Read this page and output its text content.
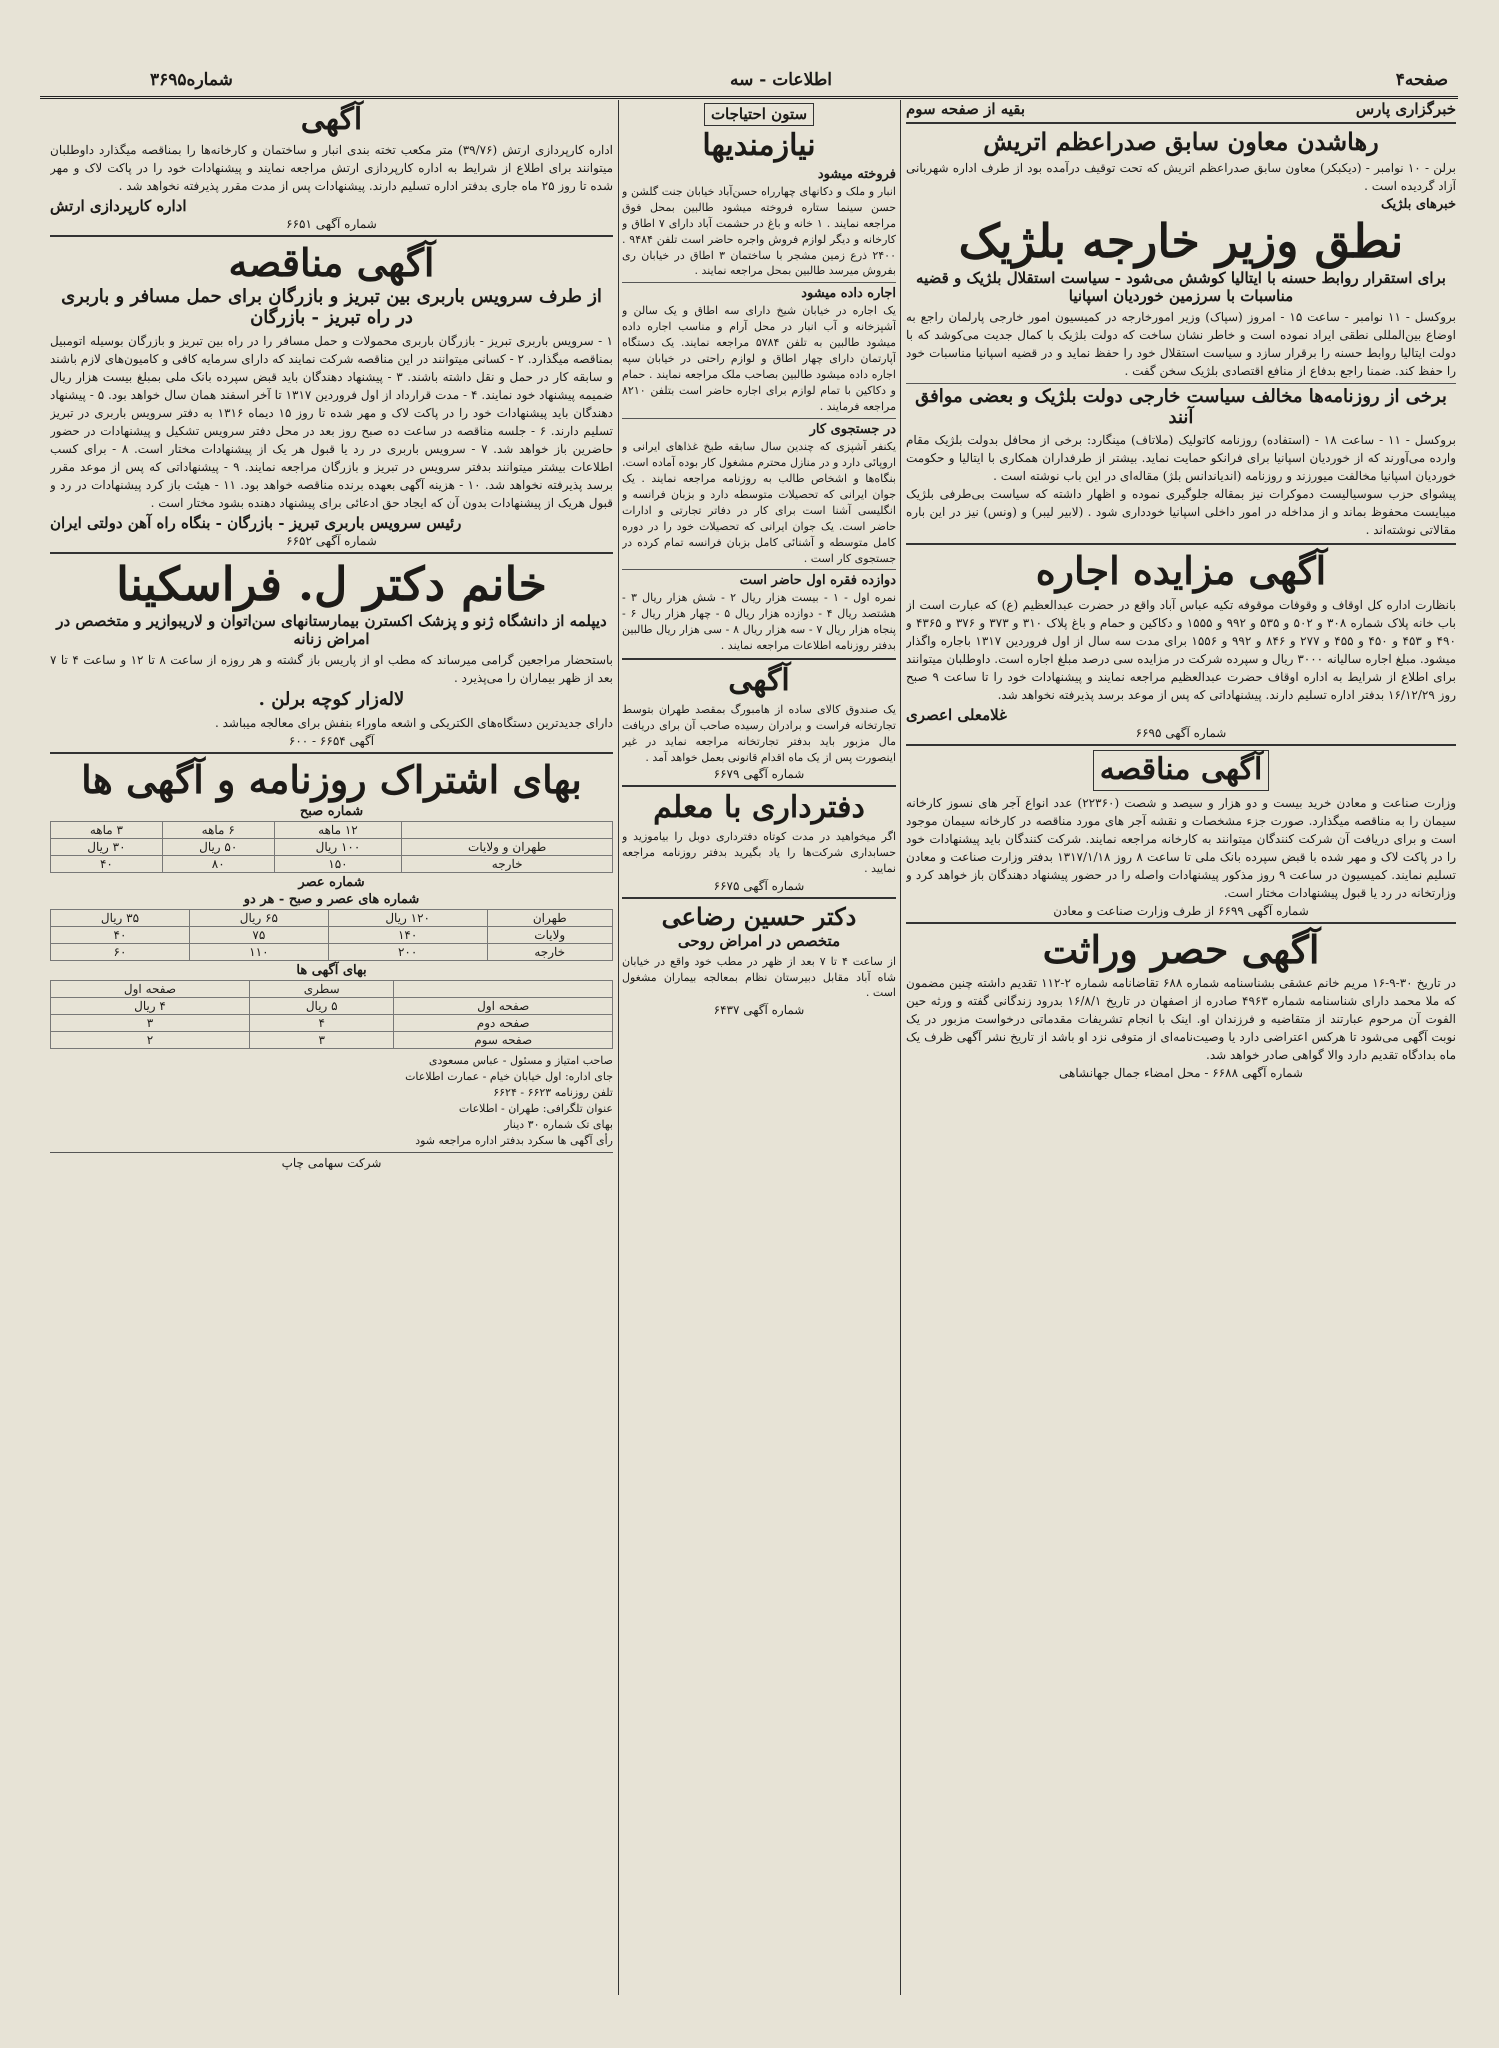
صفحه۴
اطلاعات - سه
شماره۳۶۹۵
خبرگزاری پارس
بقیه از صفحه سوم
رهاشدن معاون سابق صدراعظم اتریش
برلن - ۱۰ نوامبر - (دیکبکر) معاون سابق صدراعظم اتریش که تحت توقیف درآمده بود از طرف اداره شهربانی آزاد گردیده است .
خبرهای بلژیک
نطق وزیر خارجه بلژیک
برای استقرار روابط حسنه با ایتالیا کوشش می‌شود - سیاست استقلال بلژیک و قضیه مناسبات با سرزمین خوردیان اسپانیا
بروکسل - ۱۱ نوامبر - ساعت ۱۵ - امروز (سپاک) وزیر امورخارجه در کمیسیون امور خارجی پارلمان راجع به اوضاع بین‌المللی نطقی ایراد نموده است و خاطر نشان ساخت که دولت بلژیک با کمال جدیت می‌کوشد که با دولت ایتالیا روابط حسنه را برقرار سازد و سیاست استقلال خود را حفظ نماید و در قضیه اسپانیا مناسبات خود را حفظ کند. ضمنا راجع بدفاع از منافع اقتصادی بلژیک سخن گفت .
برخی از روزنامه‌ها مخالف سیاست خارجی دولت بلژیک و بعضی موافق آنند
بروکسل - ۱۱ - ساعت ۱۸ - (استفاده) روزنامه کاتولیک (ملاتاف) مینگارد: برخی از محافل بدولت بلژیک مقام وارده می‌آورند که از خوردیان اسپانیا برای فرانکو حمایت نماید. بیشتر از طرفداران همکاری با ایتالیا و حکومت خوردیان اسپانیا مخالفت میورزند و روزنامه (اندیاندانس بلژ) مقاله‌ای در این باب نوشته است .
پیشوای حزب سوسیالیست دموکرات نیز بمقاله جلوگیری نموده و اظهار داشته که سیاست بی‌طرفی بلژیک میبایست محفوظ بماند و از مداخله در امور داخلی اسپانیا خودداری شود . (لابیر لیبر) و (ونس) نیز در این باره مقالاتی نوشته‌اند .
آگهی مزایده اجاره
بانظارت اداره کل اوقاف و وقوفات موقوفه تکیه عباس آباد واقع در حضرت عبدالعظیم (ع) که عبارت است از باب خانه پلاک شماره ۳۰۸ و ۵۰۲ و ۵۳۵ و ۹۹۲ و ۱۵۵۵ و دکاکین و حمام و باغ پلاک ۳۱۰ و ۳۷۳ و ۳۷۶ و ۴۳۶۵ و ۴۹۰ و ۴۵۳ و ۴۵۰ و ۴۵۵ و ۲۷۷ و ۸۴۶ و ۹۹۲ و ۱۵۵۶ برای مدت سه سال از اول فروردین ۱۳۱۷ باجاره واگذار میشود. مبلغ اجاره سالیانه ۳۰۰۰ ریال و سپرده شرکت در مزایده سی درصد مبلغ اجاره است. داوطلبان میتوانند برای اطلاع از شرایط به اداره اوقاف حضرت عبدالعظیم مراجعه نمایند و پیشنهادات خود را تا ساعت ۹ صبح روز ۱۶/۱۲/۲۹ بدفتر اداره تسلیم دارند. پیشنهاداتی که پس از موعد برسد پذیرفته نخواهد شد.
غلامعلی اعصری
شماره آگهی ۶۶۹۵
آگهی مناقصه
وزارت صناعت و معادن خرید بیست و دو هزار و سیصد و شصت (۲۲۳۶۰) عدد انواع آجر های نسوز کارخانه سیمان را به مناقصه میگذارد. صورت جزء مشخصات و نقشه آجر های مورد مناقصه در کارخانه سیمان موجود است و برای دریافت آن شرکت کنندگان میتوانند به کارخانه مراجعه نمایند. شرکت کنندگان باید پیشنهادات خود را در پاکت لاک و مهر شده با قبض سپرده بانک ملی تا ساعت ۸ روز ۱۳۱۷/۱/۱۸ بدفتر وزارت صناعت و معادن تسلیم نمایند. کمیسیون در ساعت ۹ روز مذکور پیشنهادات واصله را در حضور پیشنهاد دهندگان باز خواهد کرد و وزارتخانه در رد یا قبول پیشنهادات مختار است.
شماره آگهی ۶۶۹۹ از طرف وزارت صناعت و معادن
آگهی حصر وراثت
در تاریخ ۳۰-۹-۱۶ مریم خانم عشقی بشناسنامه شماره ۶۸۸ تقاضانامه شماره ۲-۱۱۲ تقدیم داشته چنین مضمون که ملا محمد دارای شناسنامه شماره ۴۹۶۳ صادره از اصفهان در تاریخ ۱۶/۸/۱ بدرود زندگانی گفته و ورثه حین الفوت آن مرحوم عبارتند از متقاضیه و فرزندان او. اینک با انجام تشریفات مقدماتی درخواست مزبور در یک نوبت آگهی می‌شود تا هرکس اعتراضی دارد یا وصیت‌نامه‌ای از متوفی نزد او باشد از تاریخ نشر آگهی ظرف یک ماه بدادگاه تقدیم دارد والا گواهی صادر خواهد شد.
شماره آگهی ۶۶۸۸ - محل امضاء جمال جهانشاهی
ستون احتیاجات
نیازمندیها
فروخته میشود
انبار و ملک و دکانهای چهارراه حسن‌آباد خیابان جنت گلشن و حسن سینما ستاره فروخته میشود طالبین بمحل فوق مراجعه نمایند . ۱ خانه و باغ در حشمت آباد دارای ۷ اطاق و کارخانه و دیگر لوازم فروش واجره حاضر است تلفن ۹۴۸۴ . ۲۴۰۰ ذرع زمین مشجر با ساختمان ۳ اطاق در خیابان ری بفروش میرسد طالبین بمحل مراجعه نمایند .
اجاره داده میشود
یک اجاره در خیابان شیخ دارای سه اطاق و یک سالن و آشپزخانه و آب انبار در محل آرام و مناسب اجاره داده میشود طالبین به تلفن ۵۷۸۴ مراجعه نمایند. یک دستگاه آپارتمان دارای چهار اطاق و لوازم راحتی در خیابان سپه اجاره داده میشود طالبین بصاحب ملک مراجعه نمایند . حمام و دکاکین با تمام لوازم برای اجاره حاضر است بتلفن ۸۲۱۰ مراجعه فرمایند .
در جستجوی کار
یکنفر آشپزی که چندین سال سابقه طبخ غذاهای ایرانی و اروپائی دارد و در منازل محترم مشغول کار بوده آماده است. بنگاه‌ها و اشخاص طالب به روزنامه مراجعه نمایند . یک جوان ایرانی که تحصیلات متوسطه دارد و بزبان فرانسه و انگلیسی آشنا است برای کار در دفاتر تجارتی و ادارات حاضر است. یک جوان ایرانی که تحصیلات خود را در دوره کامل متوسطه و آشنائی کامل بزبان فرانسه تمام کرده در جستجوی کار است .
دوازده فقره اول حاضر است
نمره اول - ۱ - بیست هزار ریال ۲ - شش هزار ریال ۳ - هشتصد ریال ۴ - دوازده هزار ریال ۵ - چهار هزار ریال ۶ - پنجاه هزار ریال ۷ - سه هزار ریال ۸ - سی هزار ریال طالبین بدفتر روزنامه اطلاعات مراجعه نمایند .
آگهی
یک صندوق کالای ساده از هامبورگ بمقصد طهران بتوسط تجارتخانه فراست و برادران رسیده صاحب آن برای دریافت مال مزبور باید بدفتر تجارتخانه مراجعه نماید در غیر اینصورت پس از یک ماه اقدام قانونی بعمل خواهد آمد .
شماره آگهی ۶۶۷۹
دفترداری با معلم
اگر میخواهید در مدت کوتاه دفترداری دوبل را بیاموزید و حسابداری شرکت‌ها را یاد بگیرید بدفتر روزنامه مراجعه نمایید .
شماره آگهی ۶۶۷۵
دکتر حسین رضاعی
متخصص در امراض روحی
از ساعت ۴ تا ۷ بعد از ظهر در مطب خود واقع در خیابان شاه آباد مقابل دبیرستان نظام بمعالجه بیماران مشغول است .
شماره آگهی ۶۴۳۷
آگهی
اداره کارپردازی ارتش (۳۹/۷۶) متر مکعب تخته بندی انبار و ساختمان و کارخانه‌ها را بمناقصه میگذارد داوطلبان میتوانند برای اطلاع از شرایط به اداره کارپردازی ارتش مراجعه نمایند و پیشنهادات خود را در پاکت لاک و مهر شده تا روز ۲۵ ماه جاری بدفتر اداره تسلیم دارند. پیشنهادات پس از مدت مقرر پذیرفته نخواهد شد .
اداره کارپردازی ارتش
شماره آگهی ۶۶۵۱
آگهی مناقصه
از طرف سرویس باربری بین تبریز و بازرگان برای حمل مسافر و باربری در راه تبریز - بازرگان
۱ - سرویس باربری تبریز - بازرگان باربری محمولات و حمل مسافر را در راه بین تبریز و بازرگان بوسیله اتومبیل بمناقصه میگذارد. ۲ - کسانی میتوانند در این مناقصه شرکت نمایند که دارای سرمایه کافی و کامیون‌های لازم باشند و سابقه کار در حمل و نقل داشته باشند. ۳ - پیشنهاد دهندگان باید قبض سپرده بانک ملی بمبلغ بیست هزار ریال ضمیمه پیشنهاد خود نمایند. ۴ - مدت قرارداد از اول فروردین ۱۳۱۷ تا آخر اسفند همان سال خواهد بود. ۵ - پیشنهاد دهندگان باید پیشنهادات خود را در پاکت لاک و مهر شده تا روز ۱۵ دیماه ۱۳۱۶ به دفتر سرویس باربری در تبریز تسلیم دارند. ۶ - جلسه مناقصه در ساعت ده صبح روز بعد در محل دفتر سرویس تشکیل و پیشنهادات در حضور حاضرین باز خواهد شد. ۷ - سرویس باربری در رد یا قبول هر یک از پیشنهادات مختار است. ۸ - برای کسب اطلاعات بیشتر میتوانند بدفتر سرویس در تبریز و بازرگان مراجعه نمایند. ۹ - پیشنهاداتی که پس از موعد مقرر برسد پذیرفته نخواهد شد. ۱۰ - هزینه آگهی بعهده برنده مناقصه خواهد بود. ۱۱ - هیئت باز کرد پیشنهادات در رد و قبول هریک از پیشنهادات بدون آن که ایجاد حق ادعائی برای پیشنهاد دهنده بشود مختار است .
رئیس سرویس باربری تبریز - بازرگان - بنگاه راه آهن دولتی ایران
شماره آگهی ۶۶۵۲
خانم دکتر ل. فراسکینا
دیپلمه از دانشگاه ژنو و پزشک اکسترن بیمارستانهای سن‌اتوان و لاریبوازیر و متخصص در امراض زنانه
باستحضار مراجعین گرامی میرساند که مطب او از پاریس باز گشته و هر روزه از ساعت ۸ تا ۱۲ و ساعت ۴ تا ۷ بعد از ظهر بیماران را می‌پذیرد .
لاله‌زار کوچه برلن .
دارای جدیدترین دستگاه‌های الکتریکی و اشعه ماوراء بنفش برای معالجه میباشد .
آگهی ۶۶۵۴ - ۶۰۰
بهای اشتراک روزنامه و آگهی ها
شماره صبح
	۱۲ ماهه	۶ ماهه	۳ ماهه
طهران و ولایات	۱۰۰ ریال	۵۰ ریال	۳۰ ریال
خارجه	۱۵۰	۸۰	۴۰
شماره عصر
شماره های عصر و صبح - هر دو
طهران	۱۲۰ ریال	۶۵ ریال	۳۵ ریال
ولایات	۱۴۰	۷۵	۴۰
خارجه	۲۰۰	۱۱۰	۶۰
بهای آگهی ها
	سطری	صفحه اول
صفحه اول	۵ ریال	۴ ریال
صفحه دوم	۴	۳
صفحه سوم	۳	۲
صاحب امتیاز و مسئول - عباس مسعودی
جای اداره: اول خیابان خیام - عمارت اطلاعات
تلفن روزنامه ۶۶۲۳ - ۶۶۲۴
عنوان تلگرافی: طهران - اطلاعات
بهای تک شماره ۳۰ دینار
رأی آگهی ها سکرد بدفتر اداره مراجعه شود
شرکت سهامی چاپ
